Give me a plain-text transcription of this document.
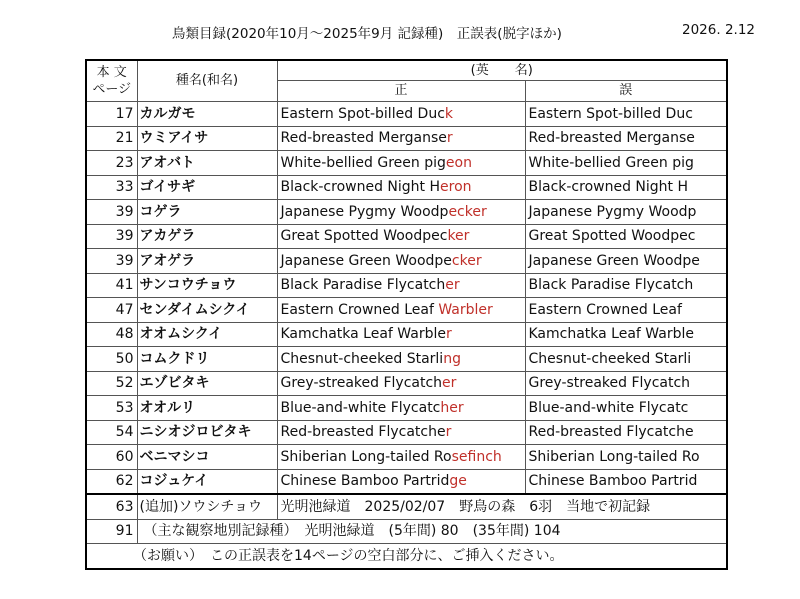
鳥類目録(2020年10月～2025年9月 記録種)　正誤表(脱字ほか)	2026. 2.12
本 文
ページ	種名(和名)	(英　　名)	
		正	誤
17	カルガモ	Eastern Spot-billed Duck	Eastern Spot-billed Duc
21	ウミアイサ	Red-breasted Merganser	Red-breasted Merganse
23	アオバト	White-bellied Green pigeon	White-bellied Green pig
33	ゴイサギ	Black-crowned Night Heron	Black-crowned Night H
39	コゲラ	Japanese Pygmy Woodpecker	Japanese Pygmy Woodp
39	アカゲラ	Great Spotted Woodpecker	Great Spotted Woodpec
39	アオゲラ	Japanese Green Woodpecker	Japanese Green Woodpe
41	サンコウチョウ	Black Paradise Flycatcher	Black Paradise Flycatch
47	センダイムシクイ	Eastern Crowned Leaf Warbler	Eastern Crowned Leaf
48	オオムシクイ	Kamchatka Leaf Warbler	Kamchatka Leaf Warble
50	コムクドリ	Chesnut-cheeked Starling	Chesnut-cheeked Starli
52	エゾビタキ	Grey-streaked Flycatcher	Grey-streaked Flycatch
53	オオルリ	Blue-and-white Flycatcher	Blue-and-white Flycatc
54	ニシオジロビタキ	Red-breasted Flycatcher	Red-breasted Flycatche
60	ベニマシコ	Shiberian Long-tailed Rosefinch	Shiberian Long-tailed Ro
62	コジュケイ	Chinese Bamboo Partridge	Chinese Bamboo Partrid
63	(追加)ソウシチョウ	光明池緑道　2025/02/07　野鳥の森　6羽　当地で初記録	
91	（主な観察地別記録種）　光明池緑道　(5年間) 80　(35年間) 104		
（お願い）　この正誤表を14ページの空白部分に、ご挿入ください。			
